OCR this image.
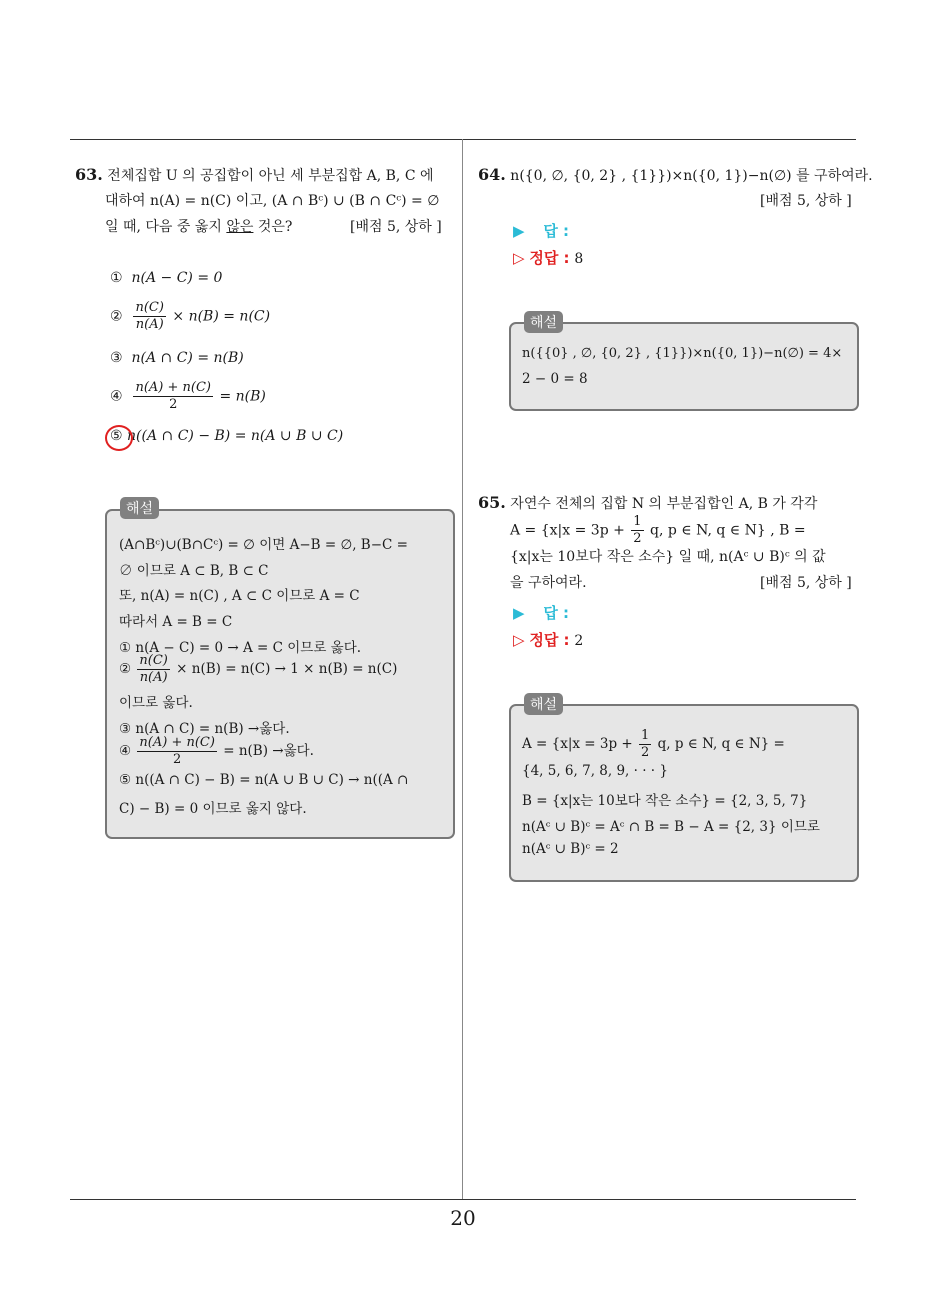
63. 전체집합 U 의 공집합이 아닌 세 부분집합 A, B, C 에
대하여 n(A) = n(C) 이고, (A ∩ Bᶜ) ∪ (B ∩ Cᶜ) = ∅
일 때, 다음 중 옳지 않은 것은?	[배점 5, 상하 ]
① n(A − C) = 0
② $\frac{n(C)}{n(A)} \times n(B) = n(C)$
③ n(A ∩ C) = n(B)
④ $\frac{n(A) + n(C)}{2} = n(B)$
⑤ n((A ∩ C) − B) = n(A ∪ B ∪ C)
(A∩Bᶜ)∪(B∩Cᶜ) = ∅ 이면 A−B = ∅, B−C =
∅ 이므로 A ⊂ B, B ⊂ C
또, n(A) = n(C) , A ⊂ C 이므로 A = C
따라서 A = B = C
① n(A − C) = 0 → A = C 이므로 옳다.
② $\frac{n(C)}{n(A)} \times n(B) = n(C) \to 1 \times n(B) = n(C)$
이므로 옳다.
③ n(A ∩ C) = n(B) →옳다.
④ $\frac{n(A) + n(C)}{2} = n(B)$ →옳다.
⑤ n((A ∩ C) − B) = n(A ∪ B ∪ C) → n((A ∩
C) − B) = 0 이므로 옳지 않다.
해설
64. n({0, ∅, {0, 2} , {1}})×n({0, 1})−n(∅) 를 구하여라.
[배점 5, 상하 ]
▶ 답 :
▷ 정답 : 8
n({{0} , ∅, {0, 2} , {1}})×n({0, 1})−n(∅) = 4×
2 − 0 = 8
해설
65. 자연수 전체의 집합 N 의 부분집합인 A, B 가 각각
$A = \{x|x = 3p + \frac{1}{2} q$, p ∈ N, q ∈ N} , B =
{x|x는 10보다 작은 소수} 일 때, n(Aᶜ ∪ B)ᶜ 의 값
을 구하여라.	[배점 5, 상하 ]
▶ 답 :
▷ 정답 : 2
$A = \{x|x = 3p + \frac{1}{2} q$, p ∈ N, q ∈ N} =
{4, 5, 6, 7, 8, 9, · · · }
B = {x|x는 10보다 작은 소수} = {2, 3, 5, 7}
n(Aᶜ ∪ B)ᶜ = Aᶜ ∩ B = B − A = {2, 3} 이므로
n(Aᶜ ∪ B)ᶜ = 2
해설
20
